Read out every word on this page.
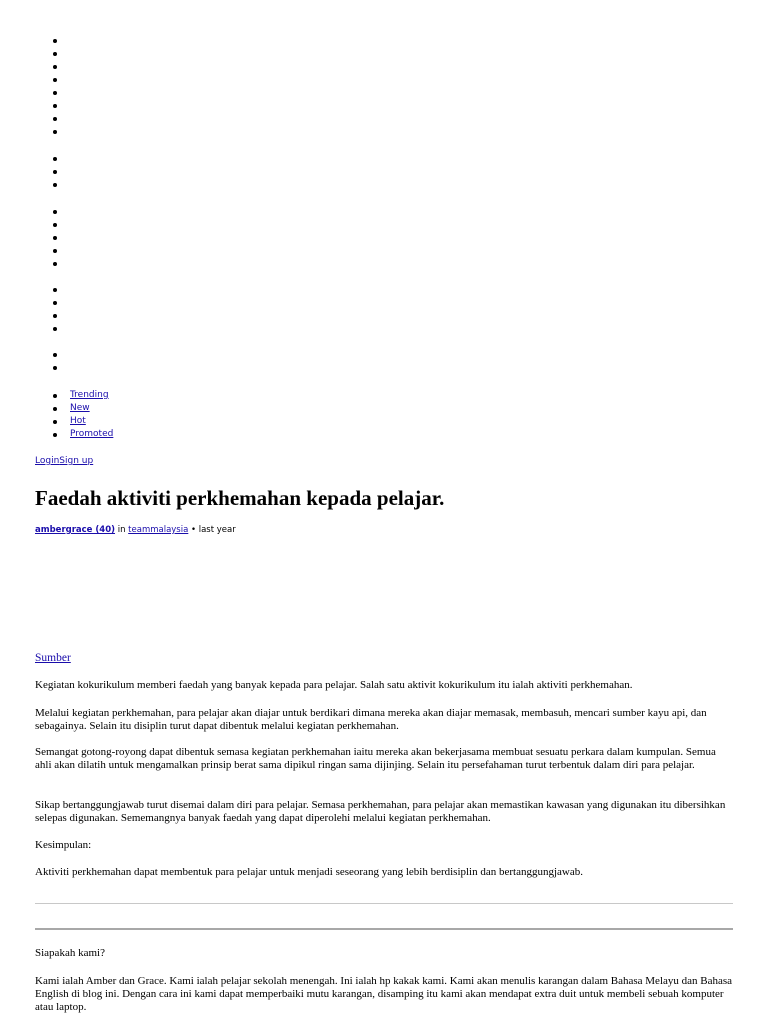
Trending
New
Hot
Promoted
LoginSign up
Faedah aktiviti perkhemahan kepada pelajar.
ambergrace (40) in teammalaysia • last year
Sumber

Kegiatan kokurikulum memberi faedah yang banyak kepada para pelajar. Salah satu aktivit kokurikulum itu ialah aktiviti perkhemahan.

Melalui kegiatan perkhemahan, para pelajar akan diajar untuk berdikari dimana mereka akan diajar memasak, membasuh, mencari sumber kayu api, dan sebagainya. Selain itu disiplin turut dapat dibentuk melalui kegiatan perkhemahan.

Semangat gotong-royong dapat dibentuk semasa kegiatan perkhemahan iaitu mereka akan bekerjasama membuat sesuatu perkara dalam kumpulan. Semua ahli akan dilatih untuk mengamalkan prinsip berat sama dipikul ringan sama dijinjing. Selain itu persefahaman turut terbentuk dalam diri para pelajar.

Sikap bertanggungjawab turut disemai dalam diri para pelajar. Semasa perkhemahan, para pelajar akan memastikan kawasan yang digunakan itu dibersihkan selepas digunakan. Sememangnya banyak faedah yang dapat diperolehi melalui kegiatan perkhemahan.

Kesimpulan:

Aktiviti perkhemahan dapat membentuk para pelajar untuk menjadi seseorang yang lebih berdisiplin dan bertanggungjawab.

Siapakah kami?

Kami ialah Amber dan Grace. Kami ialah pelajar sekolah menengah. Ini ialah hp kakak kami. Kami akan menulis karangan dalam Bahasa Melayu dan Bahasa English di blog ini. Dengan cara ini kami dapat memperbaiki mutu karangan, disamping itu kami akan mendapat extra duit untuk membeli sebuah komputer atau laptop.
